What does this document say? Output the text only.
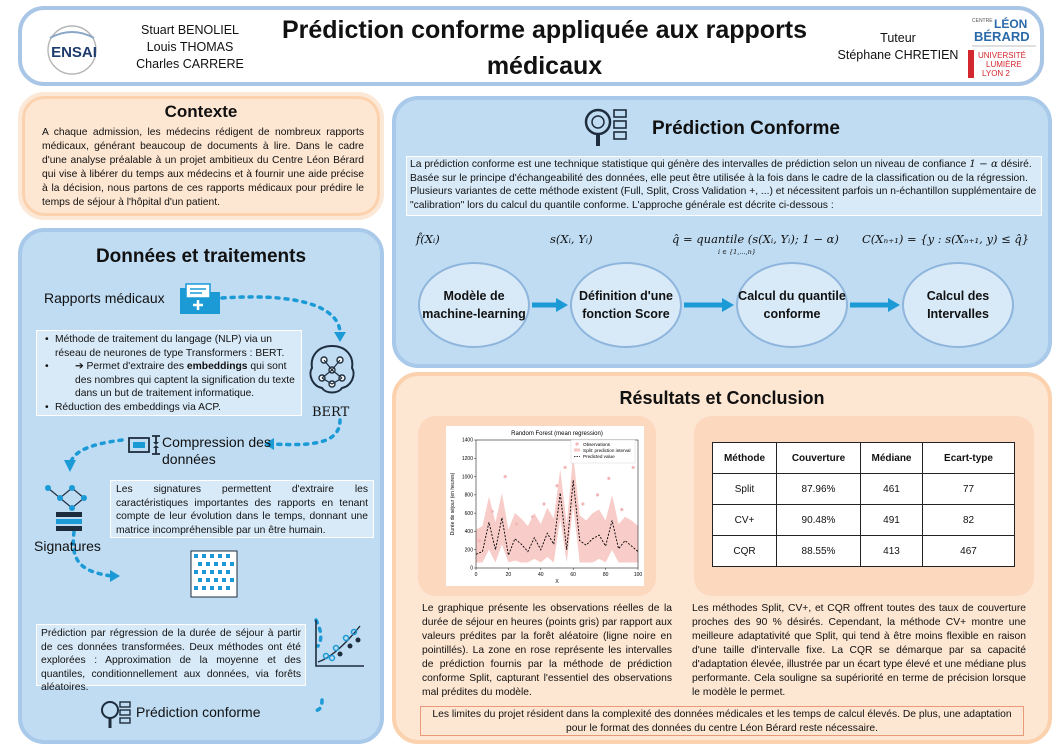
ENSAI
Stuart BENOLIEL
Louis THOMAS
Charles CARRERE
Prédiction conforme appliquée aux rapports médicaux
Tuteur
Stéphane CHRETIEN
CENTRE LÉON
BÉRARD
UNIVERSITÉ
LUMIÈRE
LYON 2
Contexte
A chaque admission, les médecins rédigent de nombreux rapports médicaux, générant beaucoup de documents à lire. Dans le cadre d'une analyse préalable à un projet ambitieux du Centre Léon Bérard qui vise à libérer du temps aux médecins et à fournir une aide précise à la décision, nous partons de ces rapports médicaux pour prédire le temps de séjour à l'hôpital d'un patient.
Données et traitements
Rapports médicaux
• Méthode de traitement du langage (NLP) via un réseau de neurones de type Transformers : BERT.
• ➔ Permet d'extraire des embeddings qui sont des nombres qui captent la signification du texte dans un but de traitement informatique.
• Réduction des embeddings via ACP.	BERT
Compression des données
Les signatures permettent d'extraire les caractéristiques importantes des rapports en tenant compte de leur évolution dans le temps, donnant une matrice incompréhensible par un être humain.
Signatures
Prédiction par régression de la durée de séjour à partir de ces données transformées. Deux méthodes ont été explorées : Approximation de la moyenne et des quantiles, conditionnellement aux données, via forêts aléatoires.
Prédiction conforme
Prédiction Conforme
La prédiction conforme est une technique statistique qui génère des intervalles de prédiction selon un niveau de confiance 1 − α désiré. Basée sur le principe d'échangeabilité des données, elle peut être utilisée à la fois dans le cadre de la classification ou de la régression. Plusieurs variantes de cette méthode existent (Full, Split, Cross Validation +, ...) et nécessitent parfois un n-échantillon supplémentaire de "calibration" lors du calcul du quantile conforme. L'approche générale est décrite ci-dessous :
f̂(Xᵢ)	s(Xᵢ, Yᵢ)	q̂ = quantile (s(Xᵢ, Yᵢ); 1 − α)
i ∈ {1,...,n}
C(Xₙ₊₁) = {y : s(Xₙ₊₁, y) ≤ q̂}
Modèle de machine-learning
Définition d'une fonction Score
Calcul du quantile conforme
Calcul des Intervalles
Résultats et Conclusion
Random Forest (mean regression)
0	20	40	60	80	100
0
200
400
600
800
1000
1200
1400
X
Durée de séjour (en heures)
Observations
Split: prediction interval
Predicted value	Méthode	Couverture	Médiane	Ecart-type
Split	87.96%	461	77
CV+	90.48%	491	82
CQR	88.55%	413	467
Le graphique présente les observations réelles de la durée de séjour en heures (points gris) par rapport aux valeurs prédites par la forêt aléatoire (ligne noire en pointillés). La zone en rose représente les intervalles de prédiction fournis par la méthode de prédiction conforme Split, capturant l'essentiel des observations mal prédites du modèle.
Les méthodes Split, CV+, et CQR offrent toutes des taux de couverture proches des 90 % désirés. Cependant, la méthode CV+ montre une meilleure adaptativité que Split, qui tend à être moins flexible en raison d'une taille d'intervalle fixe. La CQR se démarque par sa capacité d'adaptation élevée, illustrée par un écart type élevé et une médiane plus performante. Cela souligne sa supériorité en terme de précision lorsque le modèle le permet.
Les limites du projet résident dans la complexité des données médicales et les temps de calcul élevés. De plus, une adaptation pour le format des données du centre Léon Bérard reste nécessaire.
